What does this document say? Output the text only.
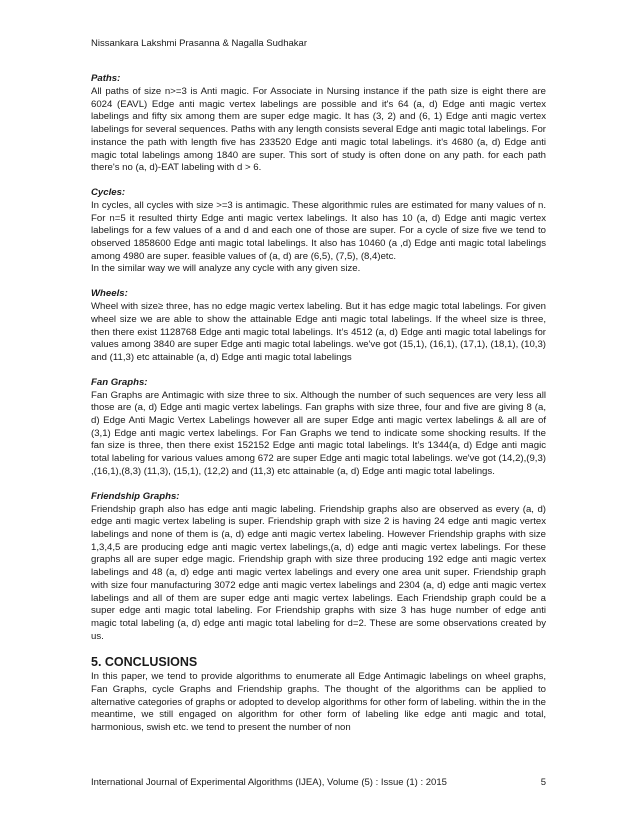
Nissankara Lakshmi Prasanna & Nagalla Sudhakar

Paths:

All paths of size n>=3 is Anti magic. For Associate in Nursing instance if the path size is eight there are 6024 (EAVL) Edge anti magic vertex labelings are possible and it's 64 (a, d) Edge anti magic vertex labelings and fifty six among them are super edge magic. It has (3, 2) and (6, 1) Edge anti magic vertex labelings for several sequences. Paths with any length consists several Edge anti magic total labelings. For instance the path with length five has 233520 Edge anti magic total labelings. it's 4680 (a, d) Edge anti magic total labelings among 1840 are super. This sort of study is often done on any path. for each path there's no (a, d)-EAT labeling with d > 6.

Cycles:

In cycles, all cycles with size >=3 is antimagic. These algorithmic rules are estimated for many values of n. For n=5 it resulted thirty Edge anti magic vertex labelings. It also has 10 (a, d) Edge anti magic vertex labelings for a few values of a and d and each one of those are super. For a cycle of size five we tend to observed 1858600 Edge anti magic total labelings. It also has 10460 (a ,d) Edge anti magic total labelings among 4980 are super. feasible values of (a, d) are (6,5), (7,5), (8,4)etc.

In the similar way we will analyze any cycle with any given size.

Wheels:

Wheel with size≥ three, has no edge magic vertex labeling. But it has edge magic total labelings. For given wheel size we are able to show the attainable Edge anti magic total labelings. If the wheel size is three, then there exist 1128768 Edge anti magic total labelings. It’s 4512 (a, d) Edge anti magic total labelings for values among 3840 are super Edge anti magic total labelings. we've got (15,1), (16,1), (17,1), (18,1), (10,3) and (11,3) etc attainable (a, d) Edge anti magic total labelings

Fan Graphs:

Fan Graphs are Antimagic with size three to six. Although the number of such sequences are very less all those are (a, d) Edge anti magic vertex labelings. Fan graphs with size three, four and five are giving 8 (a, d) Edge Anti Magic Vertex Labelings however all are super Edge anti magic vertex labelings & all are of (3,1) Edge anti magic vertex labelings. For Fan Graphs we tend to indicate some shocking results. If the fan size is three, then there exist 152152 Edge anti magic total labelings. It’s 1344(a, d) Edge anti magic total labeling for various values among 672 are super Edge anti magic total labelings. we've got (14,2),(9,3) ,(16,1),(8,3) (11,3), (15,1), (12,2) and (11,3) etc attainable (a, d) Edge anti magic total labelings.

Friendship Graphs:

Friendship graph also has edge anti magic labeling. Friendship graphs also are observed as every (a, d) edge anti magic vertex labeling is super. Friendship graph with size 2 is having 24 edge anti magic vertex labelings and none of them is (a, d) edge anti magic vertex labeling. However Friendship graphs with size 1,3,4,5 are producing edge anti magic vertex labelings,(a, d) edge anti magic vertex labelings. For these graphs all are super edge magic. Friendship graph with size three producing 192 edge anti magic vertex labelings and 48 (a, d) edge anti magic vertex labelings and every one area unit super. Friendship graph with size four manufacturing 3072 edge anti magic vertex labelings and 2304 (a, d) edge anti magic vertex labelings and all of them are super edge anti magic vertex labelings. Each Friendship graph could be a super edge anti magic total labeling. For Friendship graphs with size 3 has huge number of edge anti magic total labeling (a, d) edge anti magic total labeling for d=2. These are some observations created by us.

5. CONCLUSIONS

In this paper, we tend to provide algorithms to enumerate all Edge Antimagic labelings on wheel graphs, Fan Graphs, cycle Graphs and Friendship graphs. The thought of the algorithms can be applied to alternative categories of graphs or adopted to develop algorithms for other form of labeling. within the in the meantime, we still engaged on algorithm for other form of labeling like edge anti magic and total, harmonious, swish etc. we tend to present the number of non

International Journal of Experimental Algorithms (IJEA), Volume (5) : Issue (1) : 2015	5
